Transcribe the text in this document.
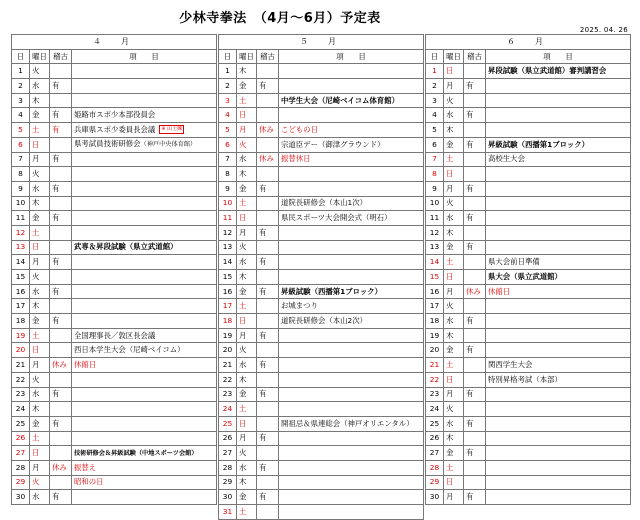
少林寺拳法　（4月～6月）予定表
2025. 04. 26
４　月			
日	曜日	稽古	項　　目
1	火		
2	水	有	
3	木		
4	金	有	姫路市スポ少本部役員会
5	土	有	兵庫県スポ少委員長会議 ※ 山土練
6	日		県考試員技術研修会（神戸中央体育館）
7	月	有	
8	火		
9	水	有	
10	木		
11	金	有	
12	土		
13	日		武専＆昇段試験（県立武道館）
14	月	有	
15	火		
16	水	有	
17	木		
18	金	有	
19	土		全国理事長／敦区長会議
20	日		西日本学生大会（尼崎ベイコム）
21	月	休み	休館日
22	火		
23	水	有	
24	木		
25	金	有	
26	土		
27	日		技術研修会＆昇級試験（中地スポーツ会館）
28	月	休み	振替え
29	火		昭和の日
30	水	有	
５　月			
日	曜日	稽古	項　　目
1	木		
2	金	有	
3	土		中学生大会（尼崎ベイコム体育館）
4	日		
5	月	休み	こどもの日
6	火		宗道臣デー（御津グラウンド）
7	水	休み	振替休日
8	木		
9	金	有	
10	土		道院長研修会（本山1次）
11	日		県民スポーツ大会開会式（明石）
12	月	有	
13	火		
14	水	有	
15	木		
16	金	有	昇級試験（西播第1ブロック）
17	土		お城まつり
18	日		道院長研修会（本山2次）
19	月	有	
20	火		
21	水	有	
22	木		
23	金	有	
24	土		
25	日		開祖忌＆県連総会（神戸オリエンタル）
26	月	有	
27	火		
28	水	有	
29	木		
30	金	有	
31	土		
６　月			
日	曜日	稽古	項　　目
1	日		昇段試験（県立武道館）審判講習会
2	月	有	
3	火		
4	水	有	
5	木		
6	金	有	昇級試験（西播第1ブロック）
7	土		高校生大会
8	日		
9	月	有	
10	火		
11	水	有	
12	木		
13	金	有	
14	土		県大会前日準備
15	日		県大会（県立武道館）
16	月	休み	休館日
17	火		
18	水	有	
19	木		
20	金	有	
21	土		関西学生大会
22	日		特別昇格考試（本部）
23	月	有	
24	火		
25	水	有	
26	木		
27	金	有	
28	土		
29	日		
30	月	有	
